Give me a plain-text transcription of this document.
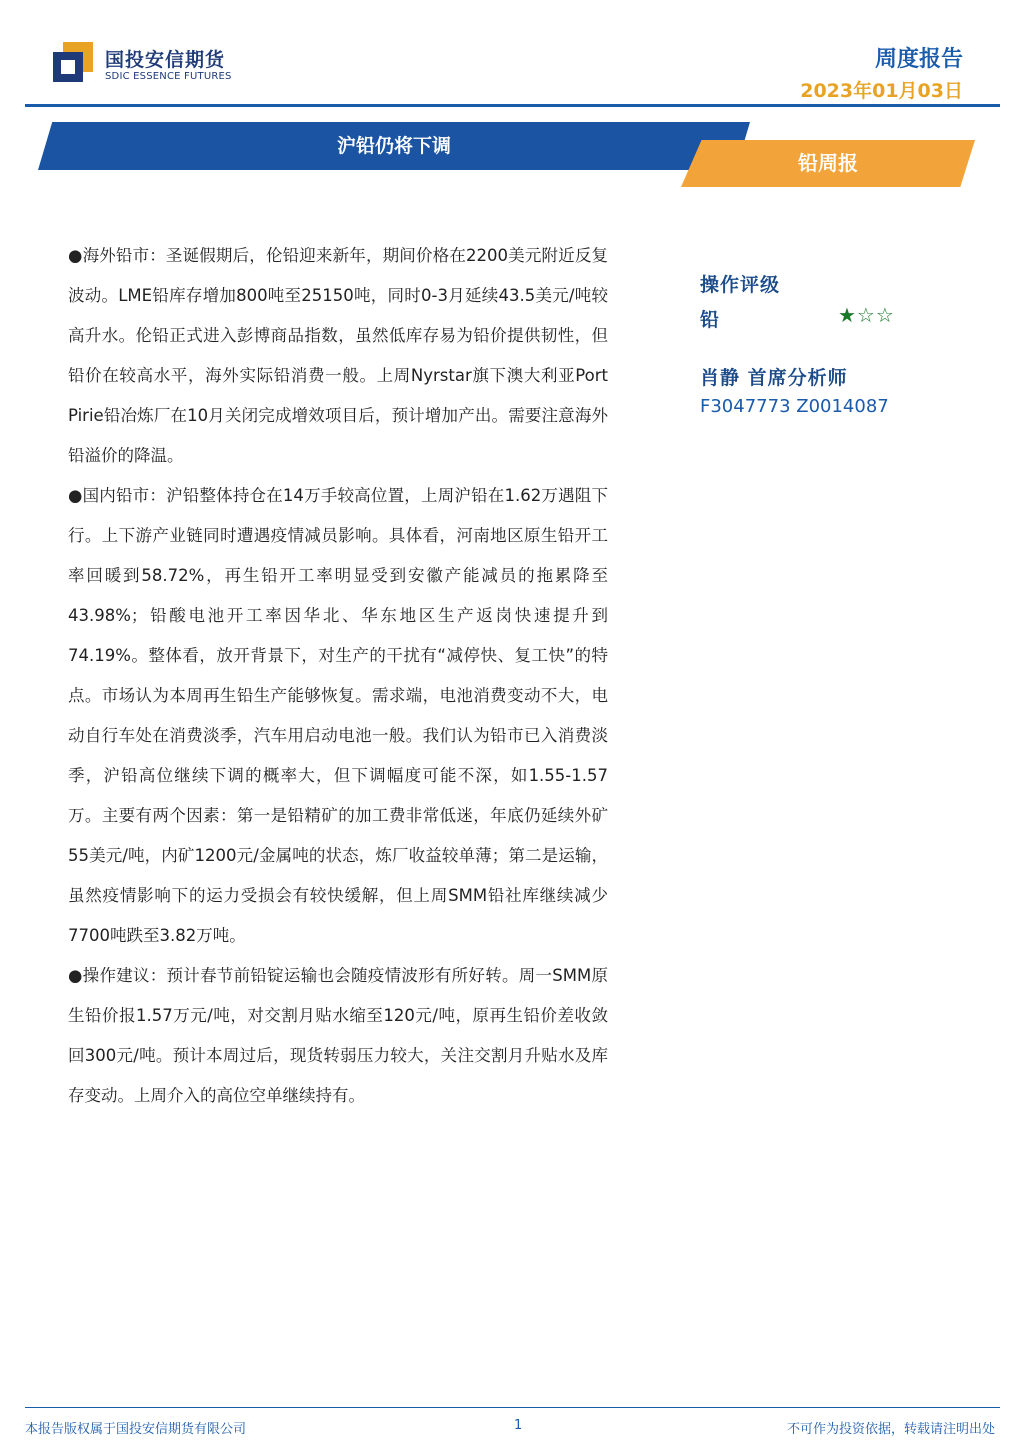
国投安信期货
SDIC ESSENCE FUTURES
周度报告
2023年01月03日
沪铅仍将下调
铅周报

●海外铅市：圣诞假期后，伦铅迎来新年，期间价格在2200美元附近反复波动。LME铅库存增加800吨至25150吨，同时0-3月延续43.5美元/吨较高升水。伦铅正式进入彭博商品指数，虽然低库存易为铅价提供韧性，但铅价在较高水平，海外实际铅消费一般。上周Nyrstar旗下澳大利亚Port Pirie铅冶炼厂在10月关闭完成增效项目后，预计增加产出。需要注意海外铅溢价的降温。

●国内铅市：沪铅整体持仓在14万手较高位置，上周沪铅在1.62万遇阻下行。上下游产业链同时遭遇疫情减员影响。具体看，河南地区原生铅开工率回暖到58.72%，再生铅开工率明显受到安徽产能减员的拖累降至43.98%；铅酸电池开工率因华北、华东地区生产返岗快速提升到74.19%。整体看，放开背景下，对生产的干扰有“减停快、复工快”的特点。市场认为本周再生铅生产能够恢复。需求端，电池消费变动不大，电动自行车处在消费淡季，汽车用启动电池一般。我们认为铅市已入消费淡季，沪铅高位继续下调的概率大，但下调幅度可能不深，如1.55-1.57万。主要有两个因素：第一是铅精矿的加工费非常低迷，年底仍延续外矿55美元/吨，内矿1200元/金属吨的状态，炼厂收益较单薄；第二是运输，虽然疫情影响下的运力受损会有较快缓解，但上周SMM铅社库继续减少7700吨跌至3.82万吨。

●操作建议：预计春节前铅锭运输也会随疫情波形有所好转。周一SMM原生铅价报1.57万元/吨，对交割月贴水缩至120元/吨，原再生铅价差收敛回300元/吨。预计本周过后，现货转弱压力较大，关注交割月升贴水及库存变动。上周介入的高位空单继续持有。

操作评级
铅	★☆☆
肖静 首席分析师
F3047773 Z0014087
本报告版权属于国投安信期货有限公司	1	不可作为投资依据，转载请注明出处
